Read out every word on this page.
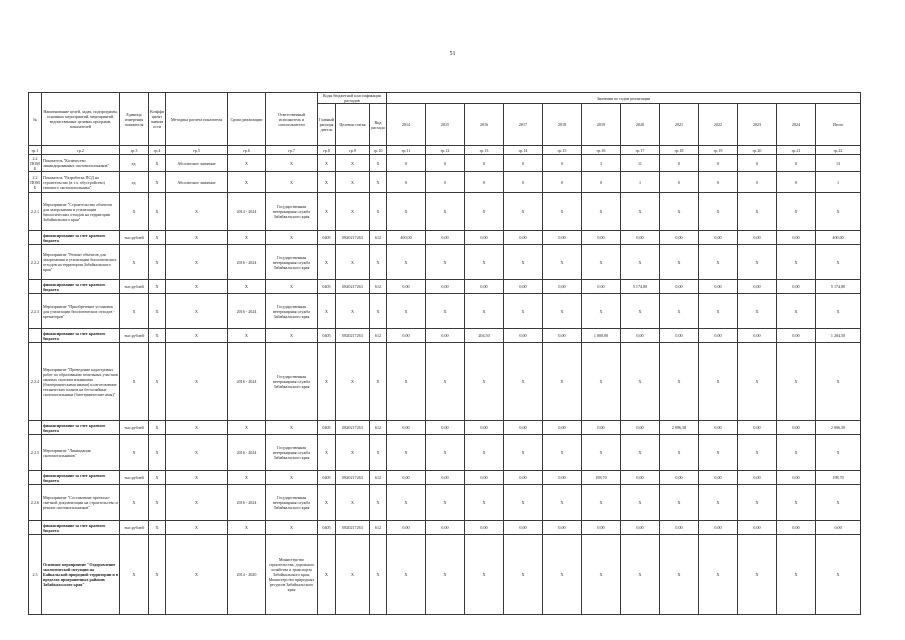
51
№	Наименование целей, задач, подпрограмм, основных мероприятий, мероприятий, ведомственных целевых программ, показателей	Единица измерения показателя	Коэффициент значимости	Методика расчета показателя	Сроки реализации	Ответственный исполнитель и соисполнители	Коды бюджетной классификации расходов			Значения по годам реализации											
							Главный распорядитель	Целевая статья	Вид расхода	2014	2015	2016	2017	2018	2019	2020	2021	2022	2023	2024	Итого
гр.1	гр.2	гр.3	гр.4	гр.5	гр.6	гр.7	гр.8	гр.9	гр.10	гр.11	гр.12	гр.13	гр.14	гр.15	гр.16	гр.17	гр.18	гр.19	гр.20	гр.21	гр.22
2.2 ПОМБ	Показатель "Количество ликвидированных скотомогильников"	ед.	X	Абсолютное значение	X	X	X	X	X	0	0	0	0	0	3	11	0	0	0	0	13
2.2 ПОМБ	Показатель "Разработка ПСД на строительство (в т.ч. обустройство) типового скотомогильника"	ед.	X	Абсолютное значение	X	X	X	X	X	0	0	0	0	0	0	1	0	0	0	0	1
2.2.1	Мероприятие "Строительство объектов для захоронения и утилизации биологических отходов на территории Забайкальского края"	X	X	X	2014 - 2024	Государственная ветеринарная служба Забайкальского края	X	X	X	X	X	X	X	X	X	X	X	X	X	X	X
	финансирование за счет краевого бюджета	тыс.рублей	X	X	X	X	0405	0820217263	612	400,00	0,00	0,00	0,00	0,00	0,00	0,00	0,00	0,00	0,00	0,00	400,00
2.2.2	Мероприятие "Ремонт объектов для захоронения и утилизации биологических отходов на территории Забайкальского края"	X	X	X	2016 - 2024	Государственная ветеринарная служба Забайкальского края	X	X	X	X	X	X	X	X	X	X	X	X	X	X	X
	финансирование за счет краевого бюджета	тыс.рублей	X	X	X	X	0405	0820217263	612	0,00	0,00	0,00	0,00	0,00	0,00	5 174,80	0,00	0,00	0,00	0,00	5 174,80
2.2.3	Мероприятие "Приобретение установок для утилизации биологических отходов - крематоров"	X	X	X	2016 - 2024	Государственная ветеринарная служба Забайкальского края	X	X	X	X	X	X	X	X	X	X	X	X	X	X	X
	финансирование за счет краевого бюджета	тыс.рублей	X	X	X	X	0405	0820217263	612	0,00	0,00	204,50	0,00	0,00	1 000,00	0,00	0,00	0,00	0,00	0,00	1 204,50
2.2.4	Мероприятие "Проведение кадастровых работ по образованию земельных участков занятых скотомогильниками (биотермическими ямами) и изготовление технических планов на бесхозяйные скотомогильники (биотермические ямы)"	X	X	X	2016 - 2024	Государственная ветеринарная служба Забайкальского края	X	X	X	X	X	X	X	X	X	X	X	X	X	X	X
	финансирование за счет краевого бюджета	тыс.рублей	X	X	X	X	0405	0820217263	612	0,00	0,00	0,00	0,00	0,00	0,00	0,00	2 096,50	0,00	0,00	0,00	2 096,50
2.2.5	Мероприятие "Ликвидация скотомогильников"	X	X	X	2016 - 2024	Государственная ветеринарная служба Забайкальского края	X	X	X	X	X	X	X	X	X	X	X	X	X	X	X
	финансирование за счет краевого бюджета	тыс.рублей	X	X	X	X	0405	0820217263	612	0,00	0,00	0,00	0,00	0,00	198,70	0,00	0,00	0,00	0,00	0,00	198,70
2.2.6	Мероприятие "Составление проектно-сметной документации на строительство и ремонт скотомогильников"	X	X	X	2016 - 2024	Государственная ветеринарная служба Забайкальского края	X	X	X	X	X	X	X	X	X	X	X	X	X	X	X
	финансирование за счет краевого бюджета	тыс.рублей	X	X	X	X	0405	0820217263	612	0,00	0,00	0,00	0,00	0,00	0,00	0,00	0,00	0,00	0,00	0,00	0,00
2.3	Основное мероприятие "Оздоровление экологической ситуации на Байкальской природной территории и в пределах приграничных районов Забайкальского края"	X	X	X	2014 - 2020	Министерство строительства, дорожного хозяйства и транспорта Забайкальского края; Министерство природных ресурсов Забайкальского края	X	X	X	X	X	X	X	X	X	X	X	X	X	X	X
